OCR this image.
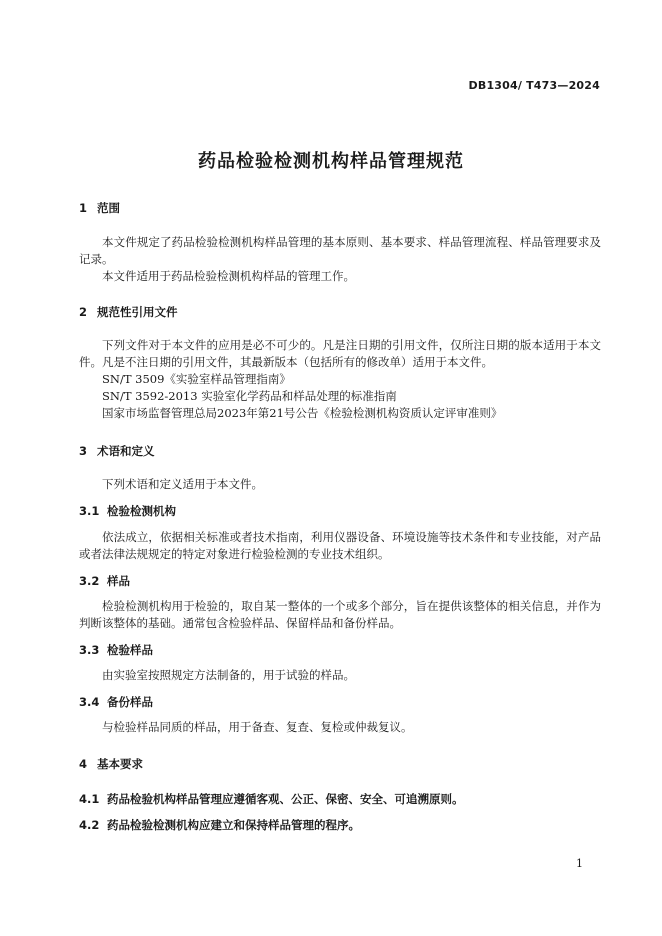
DB1304/ T473—2024
药品检验检测机构样品管理规范
1 范围
本文件规定了药品检验检测机构样品管理的基本原则、基本要求、样品管理流程、样品管理要求及记录。
本文件适用于药品检验检测机构样品的管理工作。
2 规范性引用文件
下列文件对于本文件的应用是必不可少的。凡是注日期的引用文件，仅所注日期的版本适用于本文件。凡是不注日期的引用文件，其最新版本（包括所有的修改单）适用于本文件。
SN/T 3509《实验室样品管理指南》
SN/T 3592-2013 实验室化学药品和样品处理的标准指南
国家市场监督管理总局2023年第21号公告《检验检测机构资质认定评审准则》
3 术语和定义
下列术语和定义适用于本文件。
3.1 检验检测机构
依法成立，依据相关标准或者技术指南，利用仪器设备、环境设施等技术条件和专业技能，对产品或者法律法规规定的特定对象进行检验检测的专业技术组织。
3.2 样品
检验检测机构用于检验的，取自某一整体的一个或多个部分，旨在提供该整体的相关信息，并作为判断该整体的基础。通常包含检验样品、保留样品和备份样品。
3.3 检验样品
由实验室按照规定方法制备的，用于试验的样品。
3.4 备份样品
与检验样品同质的样品，用于备查、复查、复检或仲裁复议。
4 基本要求
4.1 药品检验机构样品管理应遵循客观、公正、保密、安全、可追溯原则。
4.2 药品检验检测机构应建立和保持样品管理的程序。
1
